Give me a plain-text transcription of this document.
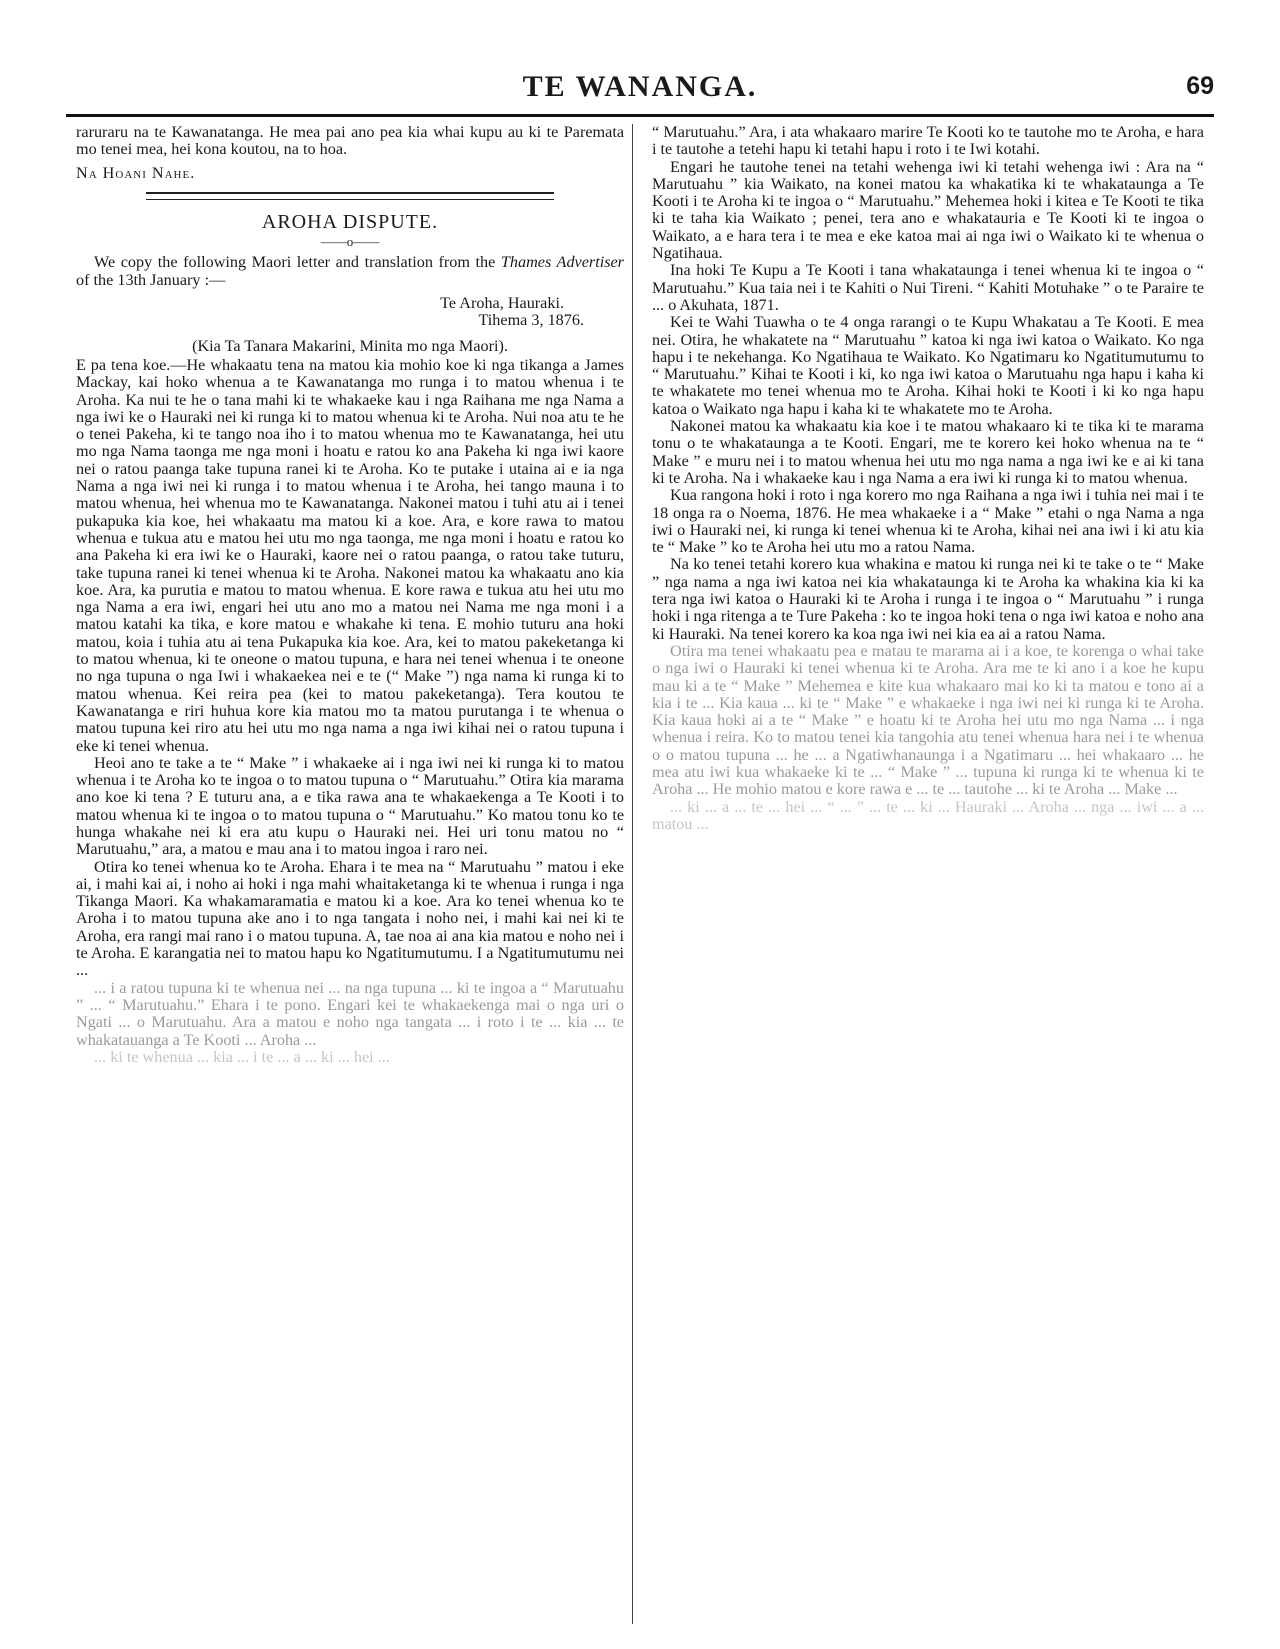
TE WANANGA.	69

raruraru na te Kawanatanga. He mea pai ano pea kia whai kupu au ki te Paremata mo tenei mea, hei kona koutou, na to hoa.

Na Hoani Nahe.

AROHA DISPUTE.

——o——

We copy the following Maori letter and translation from the Thames Advertiser of the 13th January :—

Te Aroha, Hauraki.

Tihema 3, 1876.

(Kia Ta Tanara Makarini, Minita mo nga Maori).

E pa tena koe.—He whakaatu tena na matou kia mohio koe ki nga tikanga a James Mackay, kai hoko whenua a te Kawanatanga mo runga i to matou whenua i te Aroha. Ka nui te he o tana mahi ki te whakaeke kau i nga Raihana me nga Nama a nga iwi ke o Hauraki nei ki runga ki to matou whenua ki te Aroha. Nui noa atu te he o tenei Pakeha, ki te tango noa iho i to matou whenua mo te Kawanatanga, hei utu mo nga Nama taonga me nga moni i hoatu e ratou ko ana Pakeha ki nga iwi kaore nei o ratou paanga take tupuna ranei ki te Aroha. Ko te putake i utaina ai e ia nga Nama a nga iwi nei ki runga i to matou whenua i te Aroha, hei tango mauna i to matou whenua, hei whenua mo te Kawanatanga. Nakonei matou i tuhi atu ai i tenei pukapuka kia koe, hei whakaatu ma matou ki a koe. Ara, e kore rawa to matou whenua e tukua atu e matou hei utu mo nga taonga, me nga moni i hoatu e ratou ko ana Pakeha ki era iwi ke o Hauraki, kaore nei o ratou paanga, o ratou take tuturu, take tupuna ranei ki tenei whenua ki te Aroha. Nakonei matou ka whakaatu ano kia koe. Ara, ka purutia e matou to matou whenua. E kore rawa e tukua atu hei utu mo nga Nama a era iwi, engari hei utu ano mo a matou nei Nama me nga moni i a matou katahi ka tika, e kore matou e whakahe ki tena. E mohio tuturu ana hoki matou, koia i tuhia atu ai tena Pukapuka kia koe. Ara, kei to matou pakeketanga ki to matou whenua, ki te oneone o matou tupuna, e hara nei tenei whenua i te oneone no nga tupuna o nga Iwi i whakaekea nei e te (“ Make ”) nga nama ki runga ki to matou whenua. Kei reira pea (kei to matou pakeketanga). Tera koutou te Kawanatanga e riri huhua kore kia matou mo ta matou purutanga i te whenua o matou tupuna kei riro atu hei utu mo nga nama a nga iwi kihai nei o ratou tupuna i eke ki tenei whenua.

Heoi ano te take a te “ Make ” i whakaeke ai i nga iwi nei ki runga ki to matou whenua i te Aroha ko te ingoa o to matou tupuna o “ Marutuahu.” Otira kia marama ano koe ki tena ? E tuturu ana, a e tika rawa ana te whakaekenga a Te Kooti i to matou whenua ki te ingoa o to matou tupuna o “ Marutuahu.” Ko matou tonu ko te hunga whakahe nei ki era atu kupu o Hauraki nei. Hei uri tonu matou no “ Marutuahu,” ara, a matou e mau ana i to matou ingoa i raro nei.

Otira ko tenei whenua ko te Aroha. Ehara i te mea na “ Marutuahu ” matou i eke ai, i mahi kai ai, i noho ai hoki i nga mahi whaitaketanga ki te whenua i runga i nga Tikanga Maori. Ka whakamaramatia e matou ki a koe. Ara ko tenei whenua ko te Aroha i to matou tupuna ake ano i to nga tangata i noho nei, i mahi kai nei ki te Aroha, era rangi mai rano i o matou tupuna. A, tae noa ai ana kia matou e noho nei i te Aroha. E karangatia nei to matou hapu ko Ngatitumutumu. I a Ngatitumutumu nei ...

... i a ratou tupuna ki te whenua nei ... na nga tupuna ... ki te ingoa a “ Marutuahu ” ... “ Marutuahu.” Ehara i te pono. Engari kei te whakaekenga mai o nga uri o Ngati ... o Marutuahu. Ara a matou e noho nga tangata ... i roto i te ... kia ... te whakatauanga a Te Kooti ... Aroha ...

... ki te whenua ... kia ... i te ... a ... ki ... hei ...

“ Marutuahu.” Ara, i ata whakaaro marire Te Kooti ko te tautohe mo te Aroha, e hara i te tautohe a tetehi hapu ki tetahi hapu i roto i te Iwi kotahi.

Engari he tautohe tenei na tetahi wehenga iwi ki tetahi wehenga iwi : Ara na “ Marutuahu ” kia Waikato, na konei matou ka whakatika ki te whakataunga a Te Kooti i te Aroha ki te ingoa o “ Marutuahu.” Mehemea hoki i kitea e Te Kooti te tika ki te taha kia Waikato ; penei, tera ano e whakatauria e Te Kooti ki te ingoa o Waikato, a e hara tera i te mea e eke katoa mai ai nga iwi o Waikato ki te whenua o Ngatihaua.

Ina hoki Te Kupu a Te Kooti i tana whakataunga i tenei whenua ki te ingoa o “ Marutuahu.” Kua taia nei i te Kahiti o Nui Tireni. “ Kahiti Motuhake ” o te Paraire te ... o Akuhata, 1871.

Kei te Wahi Tuawha o te 4 onga rarangi o te Kupu Whakatau a Te Kooti. E mea nei. Otira, he whakatete na “ Marutuahu ” katoa ki nga iwi katoa o Waikato. Ko nga hapu i te nekehanga. Ko Ngatihaua te Waikato. Ko Ngatimaru ko Ngatitumutumu to “ Marutuahu.” Kihai te Kooti i ki, ko nga iwi katoa o Marutuahu nga hapu i kaha ki te whakatete mo tenei whenua mo te Aroha. Kihai hoki te Kooti i ki ko nga hapu katoa o Waikato nga hapu i kaha ki te whakatete mo te Aroha.

Nakonei matou ka whakaatu kia koe i te matou whakaaro ki te tika ki te marama tonu o te whakataunga a te Kooti. Engari, me te korero kei hoko whenua na te “ Make ” e muru nei i to matou whenua hei utu mo nga nama a nga iwi ke e ai ki tana ki te Aroha. Na i whakaeke kau i nga Nama a era iwi ki runga ki to matou whenua.

Kua rangona hoki i roto i nga korero mo nga Raihana a nga iwi i tuhia nei mai i te 18 onga ra o Noema, 1876. He mea whakaeke i a “ Make ” etahi o nga Nama a nga iwi o Hauraki nei, ki runga ki tenei whenua ki te Aroha, kihai nei ana iwi i ki atu kia te “ Make ” ko te Aroha hei utu mo a ratou Nama.

Na ko tenei tetahi korero kua whakina e matou ki runga nei ki te take o te “ Make ” nga nama a nga iwi katoa nei kia whakataunga ki te Aroha ka whakina kia ki ka tera nga iwi katoa o Hauraki ki te Aroha i runga i te ingoa o “ Marutuahu ” i runga hoki i nga ritenga a te Ture Pakeha : ko te ingoa hoki tena o nga iwi katoa e noho ana ki Hauraki. Na tenei korero ka koa nga iwi nei kia ea ai a ratou Nama.

Otira ma tenei whakaatu pea e matau te marama ai i a koe, te korenga o whai take o nga iwi o Hauraki ki tenei whenua ki te Aroha. Ara me te ki ano i a koe he kupu mau ki a te “ Make ” Mehemea e kite kua whakaaro mai ko ki ta matou e tono ai a kia i te ... Kia kaua ... ki te “ Make ” e whakaeke i nga iwi nei ki runga ki te Aroha. Kia kaua hoki ai a te “ Make ” e hoatu ki te Aroha hei utu mo nga Nama ... i nga whenua i reira. Ko to matou tenei kia tangohia atu tenei whenua hara nei i te whenua o o matou tupuna ... he ... a Ngatiwhanaunga i a Ngatimaru ... hei whakaaro ... he mea atu iwi kua whakaeke ki te ... “ Make ” ... tupuna ki runga ki te whenua ki te Aroha ... He mohio matou e kore rawa e ... te ... tautohe ... ki te Aroha ... Make ...

... ki ... a ... te ... hei ... “ ... ” ... te ... ki ... Hauraki ... Aroha ... nga ... iwi ... a ... matou ...
